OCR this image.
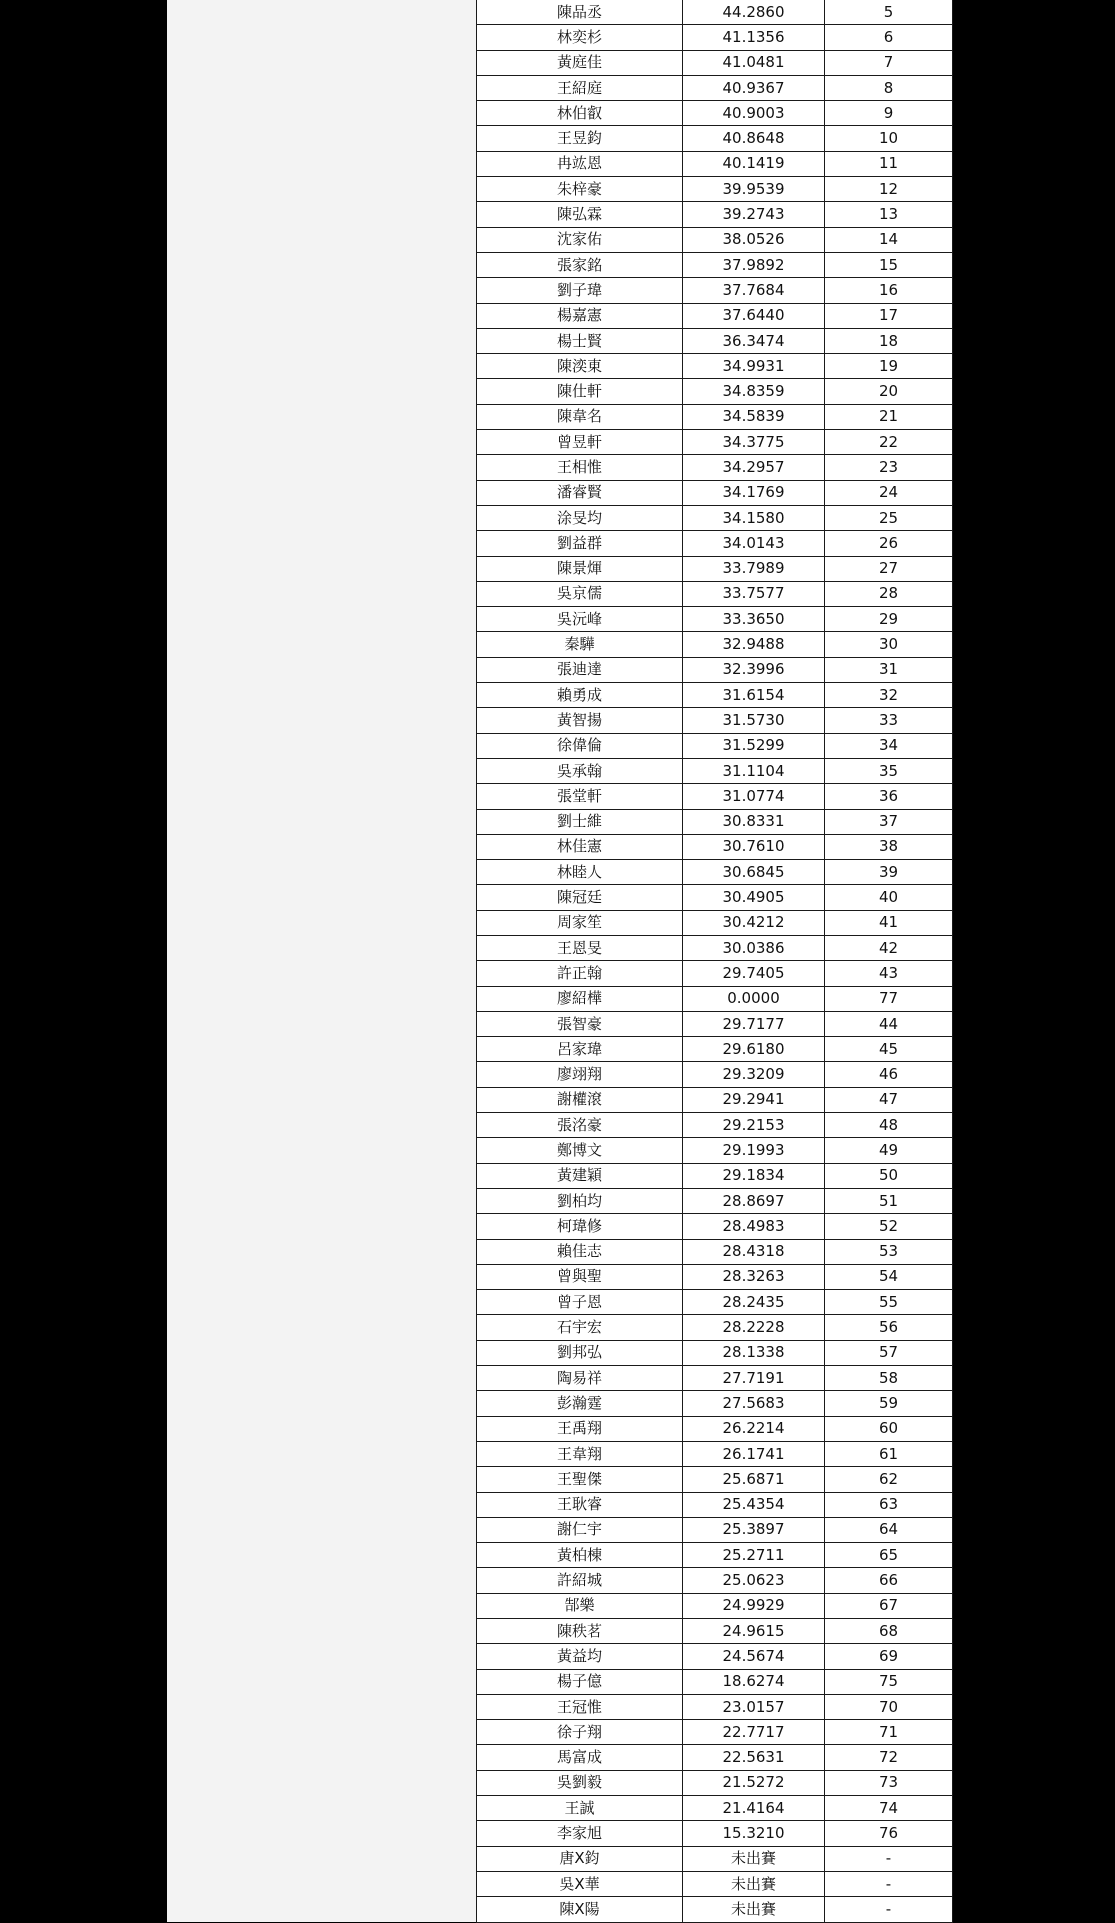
陳品丞	44.2860	5
林奕杉	41.1356	6
黃庭佳	41.0481	7
王紹庭	40.9367	8
林伯叡	40.9003	9
王昱鈞	40.8648	10
冉竑恩	40.1419	11
朱梓豪	39.9539	12
陳弘霖	39.2743	13
沈家佑	38.0526	14
張家銘	37.9892	15
劉子瑋	37.7684	16
楊嘉憲	37.6440	17
楊士賢	36.3474	18
陳湙東	34.9931	19
陳仕軒	34.8359	20
陳韋名	34.5839	21
曾昱軒	34.3775	22
王相惟	34.2957	23
潘睿賢	34.1769	24
涂旻均	34.1580	25
劉益群	34.0143	26
陳景煇	33.7989	27
吳京儒	33.7577	28
吳沅峰	33.3650	29
秦驊	32.9488	30
張迪達	32.3996	31
賴勇成	31.6154	32
黃智揚	31.5730	33
徐偉倫	31.5299	34
吳承翰	31.1104	35
張堂軒	31.0774	36
劉士維	30.8331	37
林佳憲	30.7610	38
林睦人	30.6845	39
陳冠廷	30.4905	40
周家笙	30.4212	41
王恩旻	30.0386	42
許正翰	29.7405	43
廖紹樺	0.0000	77
張智豪	29.7177	44
呂家瑋	29.6180	45
廖翊翔	29.3209	46
謝權滾	29.2941	47
張洺豪	29.2153	48
鄭博文	29.1993	49
黃建穎	29.1834	50
劉柏均	28.8697	51
柯瑋修	28.4983	52
賴佳志	28.4318	53
曾與聖	28.3263	54
曾子恩	28.2435	55
石宇宏	28.2228	56
劉邦弘	28.1338	57
陶易祥	27.7191	58
彭瀚霆	27.5683	59
王禹翔	26.2214	60
王韋翔	26.1741	61
王聖傑	25.6871	62
王耿睿	25.4354	63
謝仁宇	25.3897	64
黃柏棟	25.2711	65
許紹城	25.0623	66
郜樂	24.9929	67
陳秩茗	24.9615	68
黃益均	24.5674	69
楊子億	18.6274	75
王冠惟	23.0157	70
徐子翔	22.7717	71
馬富成	22.5631	72
吳劉毅	21.5272	73
王誠	21.4164	74
李家旭	15.3210	76
唐X鈞	未出賽	-
吳X華	未出賽	-
陳X陽	未出賽	-
